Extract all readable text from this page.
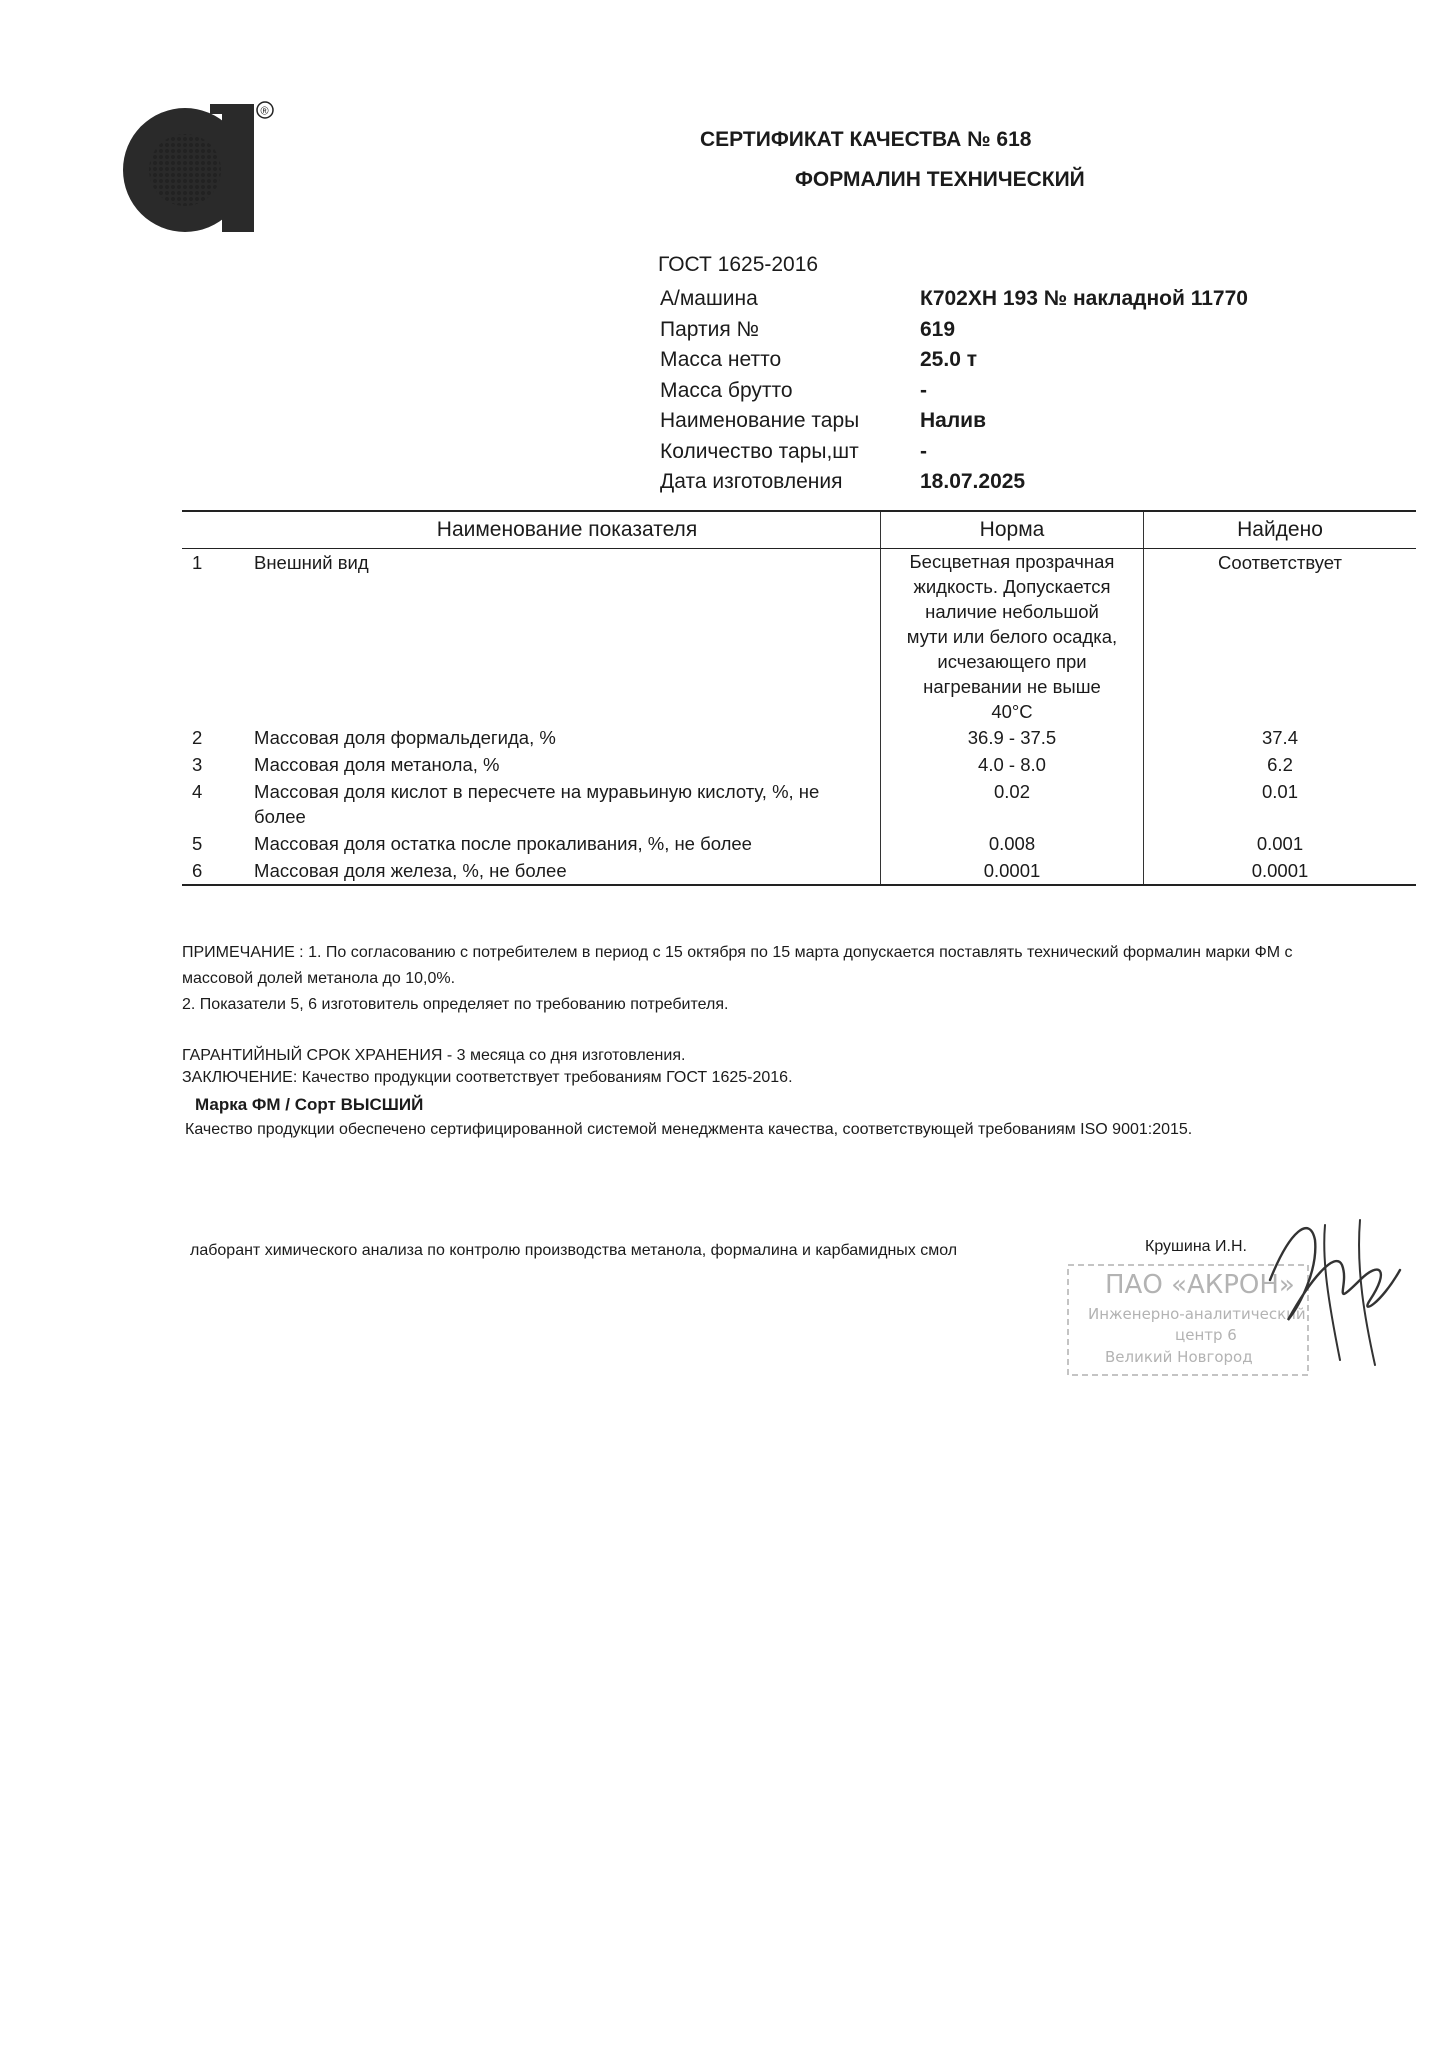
®
СЕРТИФИКАТ КАЧЕСТВА № 618
ФОРМАЛИН ТЕХНИЧЕСКИЙ
ГОСТ 1625-2016
А/машина	К702ХН 193 № накладной 11770
Партия №	619
Масса нетто	25.0 т
Масса брутто	-
Наименование тары	Налив
Количество тары,шт	-
Дата изготовления	18.07.2025
	Наименование показателя	Норма	Найдено
1	Внешний вид	Бесцветная прозрачная жидкость. Допускается наличие небольшой мути или белого осадка, исчезающего при нагревании не выше 40°С	Соответствует
2	Массовая доля формальдегида, %	36.9 - 37.5	37.4
3	Массовая доля метанола, %	4.0 - 8.0	6.2
4	Массовая доля кислот в пересчете на муравьиную кислоту, %, не более	0.02	0.01
5	Массовая доля остатка после прокаливания, %, не более	0.008	0.001
6	Массовая доля железа, %, не более	0.0001	0.0001
ПРИМЕЧАНИЕ : 1. По согласованию с потребителем в период с 15 октября по 15 марта допускается поставлять технический формалин марки ФМ с массовой долей метанола до 10,0%.
2. Показатели 5, 6 изготовитель определяет по требованию потребителя.
ГАРАНТИЙНЫЙ СРОК ХРАНЕНИЯ - 3 месяца со дня изготовления.
ЗАКЛЮЧЕНИЕ: Качество продукции соответствует требованиям ГОСТ 1625-2016.
Марка ФМ / Сорт ВЫСШИЙ
Качество продукции обеспечено сертифицированной системой менеджмента качества, соответствующей требованиям ISO 9001:2015.
лаборант химического анализа по контролю производства метанола, формалина и карбамидных смол	Крушина И.Н.
ПАО «АКРОН»
Инженерно-аналитический
центр 6
Великий Новгород
